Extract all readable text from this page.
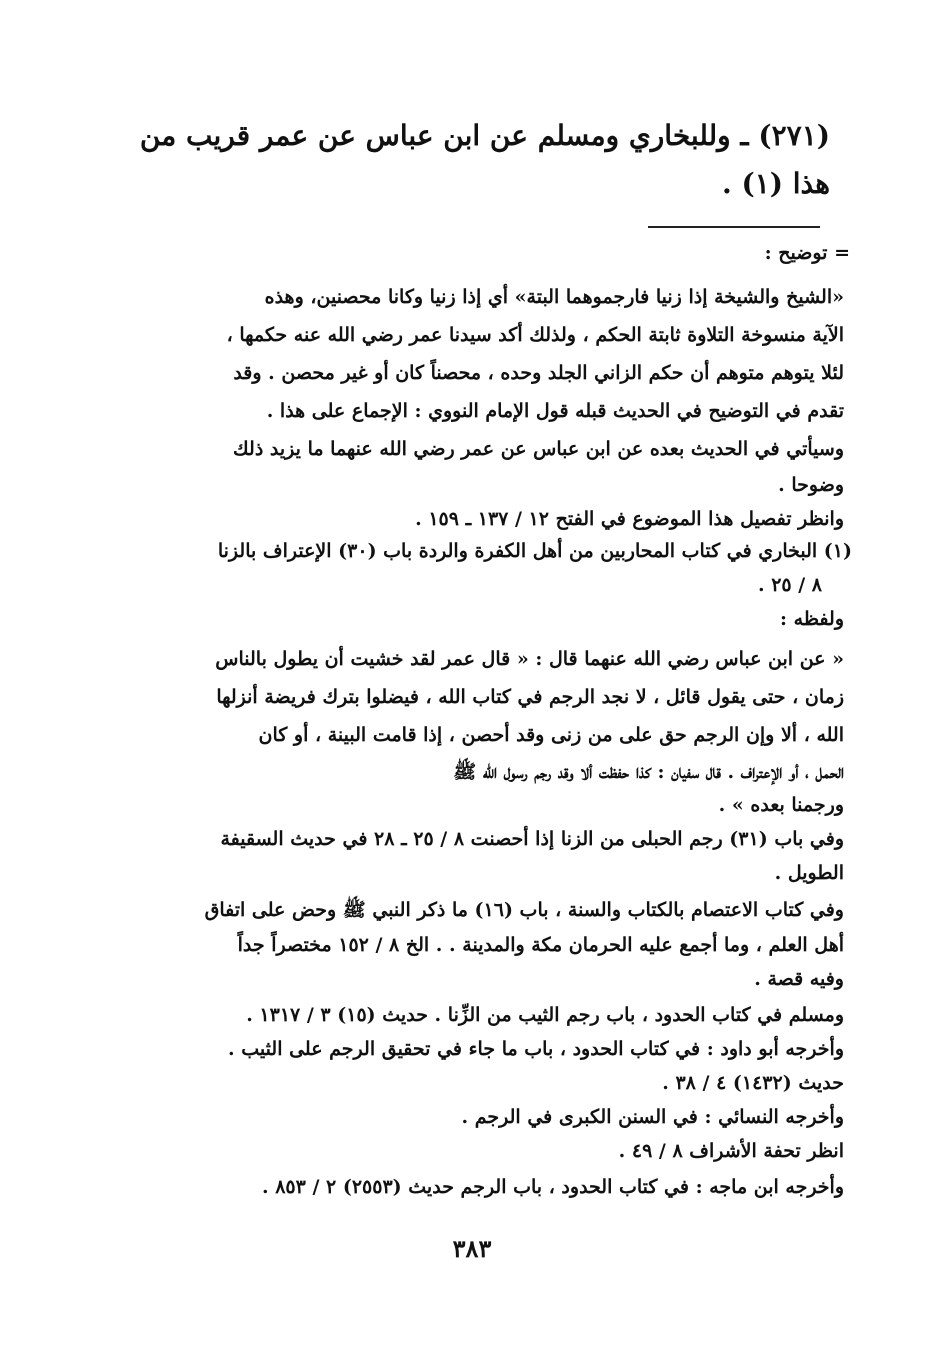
(٢٧١) ـ وللبخاري ومسلم عن ابن عباس عن عمر قريب من
هذا (١) .
= توضيح :
«الشيخ والشيخة إذا زنيا فارجموهما البتة» أي إذا زنيا وكانا محصنين، وهذه
الآية منسوخة التلاوة ثابتة الحكم ، ولذلك أكد سيدنا عمر رضي الله عنه حكمها ،
لئلا يتوهم متوهم أن حكم الزاني الجلد وحده ، محصناً كان أو غير محصن . وقد
تقدم في التوضيح في الحديث قبله قول الإمام النووي : الإجماع على هذا .
وسيأتي في الحديث بعده عن ابن عباس عن عمر رضي الله عنهما ما يزيد ذلك
وضوحا .
وانظر تفصيل هذا الموضوع في الفتح ١٢ / ١٣٧ ـ ١٥٩ .
(١) البخاري في كتاب المحاربين من أهل الكفرة والردة باب (٣٠) الإعتراف بالزنا
٨ / ٢٥ .
ولفظه :
« عن ابن عباس رضي الله عنهما قال : « قال عمر لقد خشيت أن يطول بالناس
زمان ، حتى يقول قائل ، لا نجد الرجم في كتاب الله ، فيضلوا بترك فريضة أنزلها
الله ، ألا وإن الرجم حق على من زنى وقد أحصن ، إذا قامت البينة ، أو كان
الحمل ، أو الإعتراف . قال سفيان : كذا حفظت ألا وقد رجم رسول الله ﷺ
ورجمنا بعده » .
وفي باب (٣١) رجم الحبلى من الزنا إذا أحصنت ٨ / ٢٥ ـ ٢٨ في حديث السقيفة
الطويل .
وفي كتاب الاعتصام بالكتاب والسنة ، باب (١٦) ما ذكر النبي ﷺ وحض على اتفاق
أهل العلم ، وما أجمع عليه الحرمان مكة والمدينة . . الخ ٨ / ١٥٢ مختصراً جداً
وفيه قصة .
ومسلم في كتاب الحدود ، باب رجم الثيب من الزِّنا . حديث (١٥) ٣ / ١٣١٧ .
وأخرجه أبو داود : في كتاب الحدود ، باب ما جاء في تحقيق الرجم على الثيب .
حديث (١٤٣٢) ٤ / ٣٨ .
وأخرجه النسائي : في السنن الكبرى في الرجم .
انظر تحفة الأشراف ٨ / ٤٩ .
وأخرجه ابن ماجه : في كتاب الحدود ، باب الرجم حديث (٢٥٥٣) ٢ / ٨٥٣ .
٣٨٣
